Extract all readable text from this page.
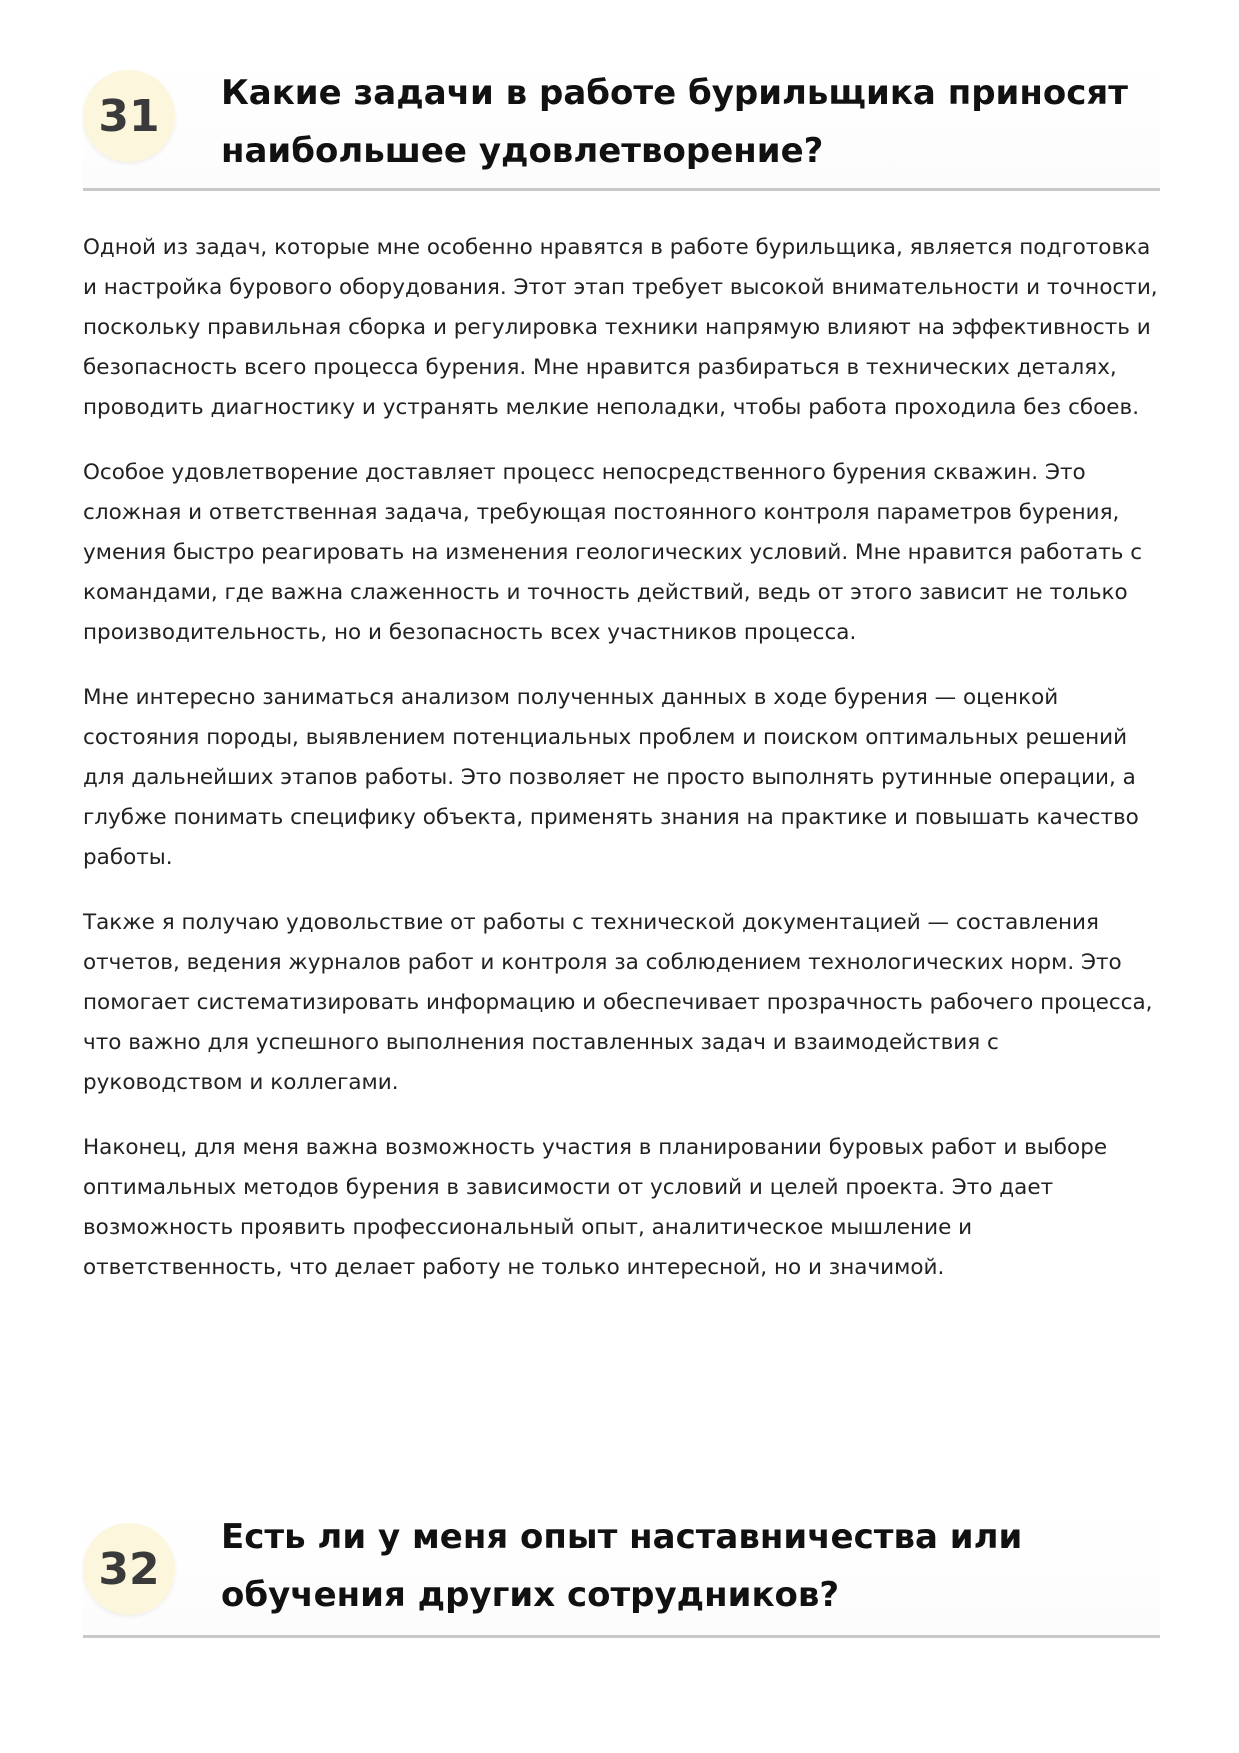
31	Какие задачи в работе бурильщика приносят наибольшее удовлетворение?

Одной из задач, которые мне особенно нравятся в работе бурильщика, является подготовка и настройка бурового оборудования. Этот этап требует высокой внимательности и точности, поскольку правильная сборка и регулировка техники напрямую влияют на эффективность и безопасность всего процесса бурения. Мне нравится разбираться в технических деталях, проводить диагностику и устранять мелкие неполадки, чтобы работа проходила без сбоев.

Особое удовлетворение доставляет процесс непосредственного бурения скважин. Это сложная и ответственная задача, требующая постоянного контроля параметров бурения, умения быстро реагировать на изменения геологических условий. Мне нравится работать с командами, где важна слаженность и точность действий, ведь от этого зависит не только производительность, но и безопасность всех участников процесса.

Мне интересно заниматься анализом полученных данных в ходе бурения — оценкой состояния породы, выявлением потенциальных проблем и поиском оптимальных решений для дальнейших этапов работы. Это позволяет не просто выполнять рутинные операции, а глубже понимать специфику объекта, применять знания на практике и повышать качество работы.

Также я получаю удовольствие от работы с технической документацией — составления отчетов, ведения журналов работ и контроля за соблюдением технологических норм. Это помогает систематизировать информацию и обеспечивает прозрачность рабочего процесса, что важно для успешного выполнения поставленных задач и взаимодействия с руководством и коллегами.

Наконец, для меня важна возможность участия в планировании буровых работ и выборе оптимальных методов бурения в зависимости от условий и целей проекта. Это дает возможность проявить профессиональный опыт, аналитическое мышление и ответственность, что делает работу не только интересной, но и значимой.

32
Есть ли у меня опыт наставничества или обучения других сотрудников?
